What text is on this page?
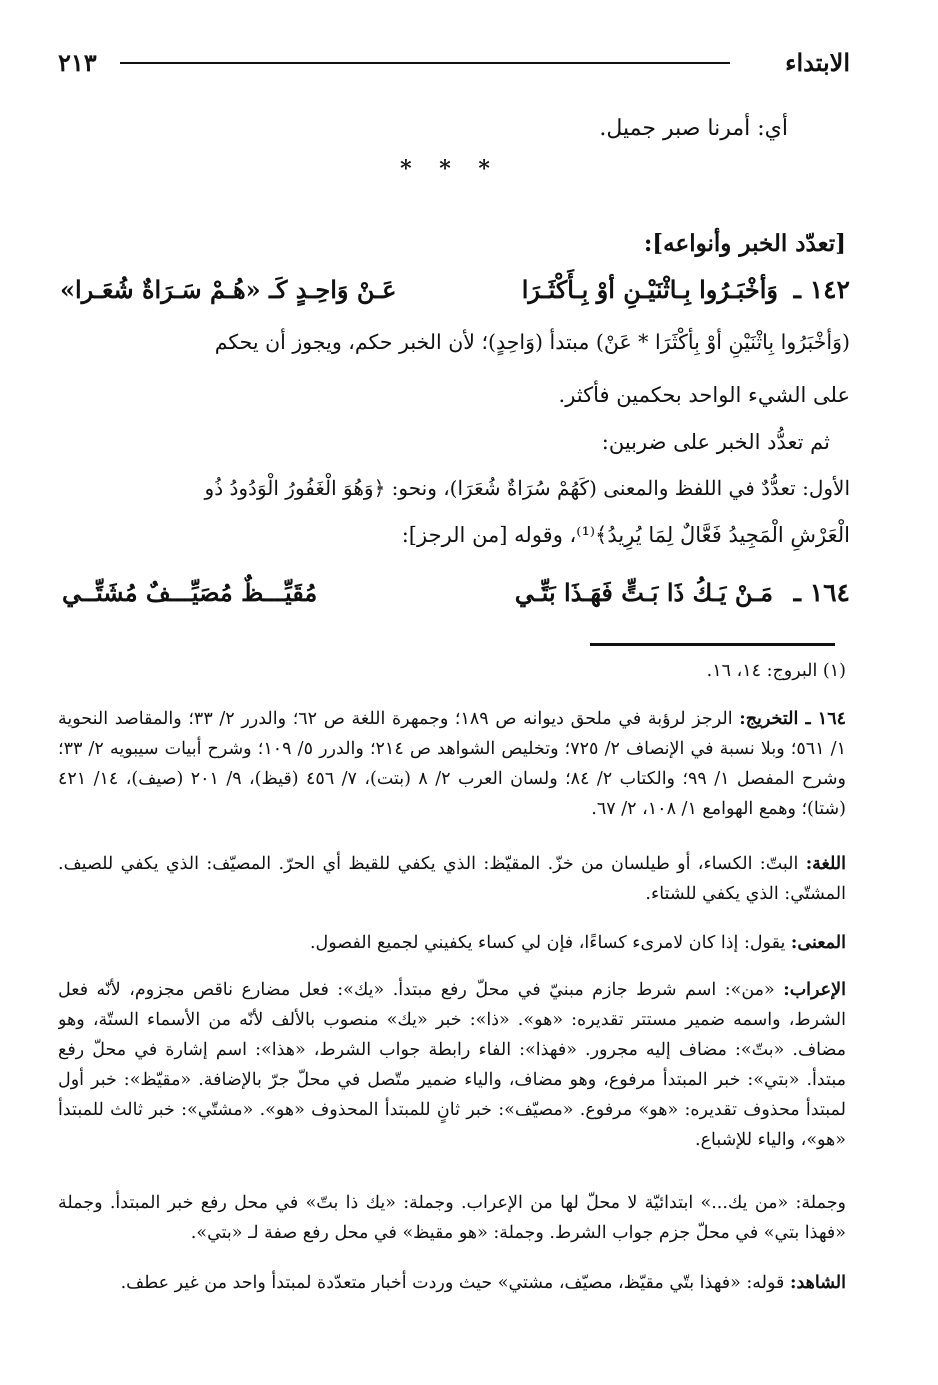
الابتداء
٢١٣
أي: أمرنا صبر جميل.
* * *
[تعدّد الخبر وأنواعه]:
١٤٢ ـ
وَأخْبَـرُوا بِـاثْنَيْـنِ أوْ بِـأَكْثَـرَا
عَـنْ وَاحِـدٍ كَـ «هُـمْ سَـرَاةٌ شُعَـرا»
(وَأخْبَرُوا بِاثْنَيْنِ أوْ بِأكْثَرَا * عَنْ) مبتدأ (وَاحِدٍ)؛ لأن الخبر حكم، ويجوز أن يحكم
على الشيء الواحد بحكمين فأكثر.
ثم تعدُّد الخبر على ضربين:
الأول: تعدُّدٌ في اللفظ والمعنى (كَهُمْ سُرَاةٌ شُعَرَا)، ونحو: ﴿وَهُوَ الْغَفُورُ الْوَدُودُ ذُو
الْعَرْشِ الْمَجِيدُ فَعَّالٌ لِمَا يُرِيدُ﴾⁽¹⁾، وقوله [من الرجز]:
١٦٤ ـ
مَـنْ يَـكُ ذَا بَـتٍّ فَهَـذَا بَتِّـي
مُقَيِّـــظٌ مُصَيِّـــفٌ مُشَتِّــي
(١) البروج: ١٤، ١٦.
١٦٤ ـ التخريج: الرجز لرؤبة في ملحق ديوانه ص ١٨٩؛ وجمهرة اللغة ص ٦٢؛ والدرر ٢/ ٣٣؛ والمقاصد النحوية ١/ ٥٦١؛ وبلا نسبة في الإنصاف ٢/ ٧٢٥؛ وتخليص الشواهد ص ٢١٤؛ والدرر ٥/ ١٠٩؛ وشرح أبيات سيبويه ٢/ ٣٣؛ وشرح المفصل ١/ ٩٩؛ والكتاب ٢/ ٨٤؛ ولسان العرب ٢/ ٨ (بتت)، ٧/ ٤٥٦ (قيظ)، ٩/ ٢٠١ (صيف)، ١٤/ ٤٢١ (شتا)؛ وهمع الهوامع ١/ ١٠٨، ٢/ ٦٧.
اللغة: البتّ: الكساء، أو طيلسان من خزّ. المقيّظ: الذي يكفي للقيظ أي الحرّ. المصيّف: الذي يكفي للصيف. المشتّي: الذي يكفي للشتاء.
المعنى: يقول: إذا كان لامرىء كساءًا، فإن لي كساء يكفيني لجميع الفصول.
الإعراب: «من»: اسم شرط جازم مبنيّ في محلّ رفع مبتدأ. «يك»: فعل مضارع ناقص مجزوم، لأنّه فعل الشرط، واسمه ضمير مستتر تقديره: «هو». «ذا»: خبر «يك» منصوب بالألف لأنّه من الأسماء الستّة، وهو مضاف. «بتّ»: مضاف إليه مجرور. «فهذا»: الفاء رابطة جواب الشرط، «هذا»: اسم إشارة في محلّ رفع مبتدأ. «بتي»: خبر المبتدأ مرفوع، وهو مضاف، والياء ضمير متّصل في محلّ جرّ بالإضافة. «مقيّظ»: خبر أول لمبتدأ محذوف تقديره: «هو» مرفوع. «مصيّف»: خبر ثانٍ للمبتدأ المحذوف «هو». «مشتّي»: خبر ثالث للمبتدأ «هو»، والياء للإشباع.
وجملة: «من يك...» ابتدائيّة لا محلّ لها من الإعراب. وجملة: «يك ذا بتّ» في محل رفع خبر المبتدأ. وجملة «فهذا بتي» في محلّ جزم جواب الشرط. وجملة: «هو مقيظ» في محل رفع صفة لـ «بتي».
الشاهد: قوله: «فهذا بتّي مقيّظ، مصيّف، مشتي» حيث وردت أخبار متعدّدة لمبتدأ واحد من غير عطف.
